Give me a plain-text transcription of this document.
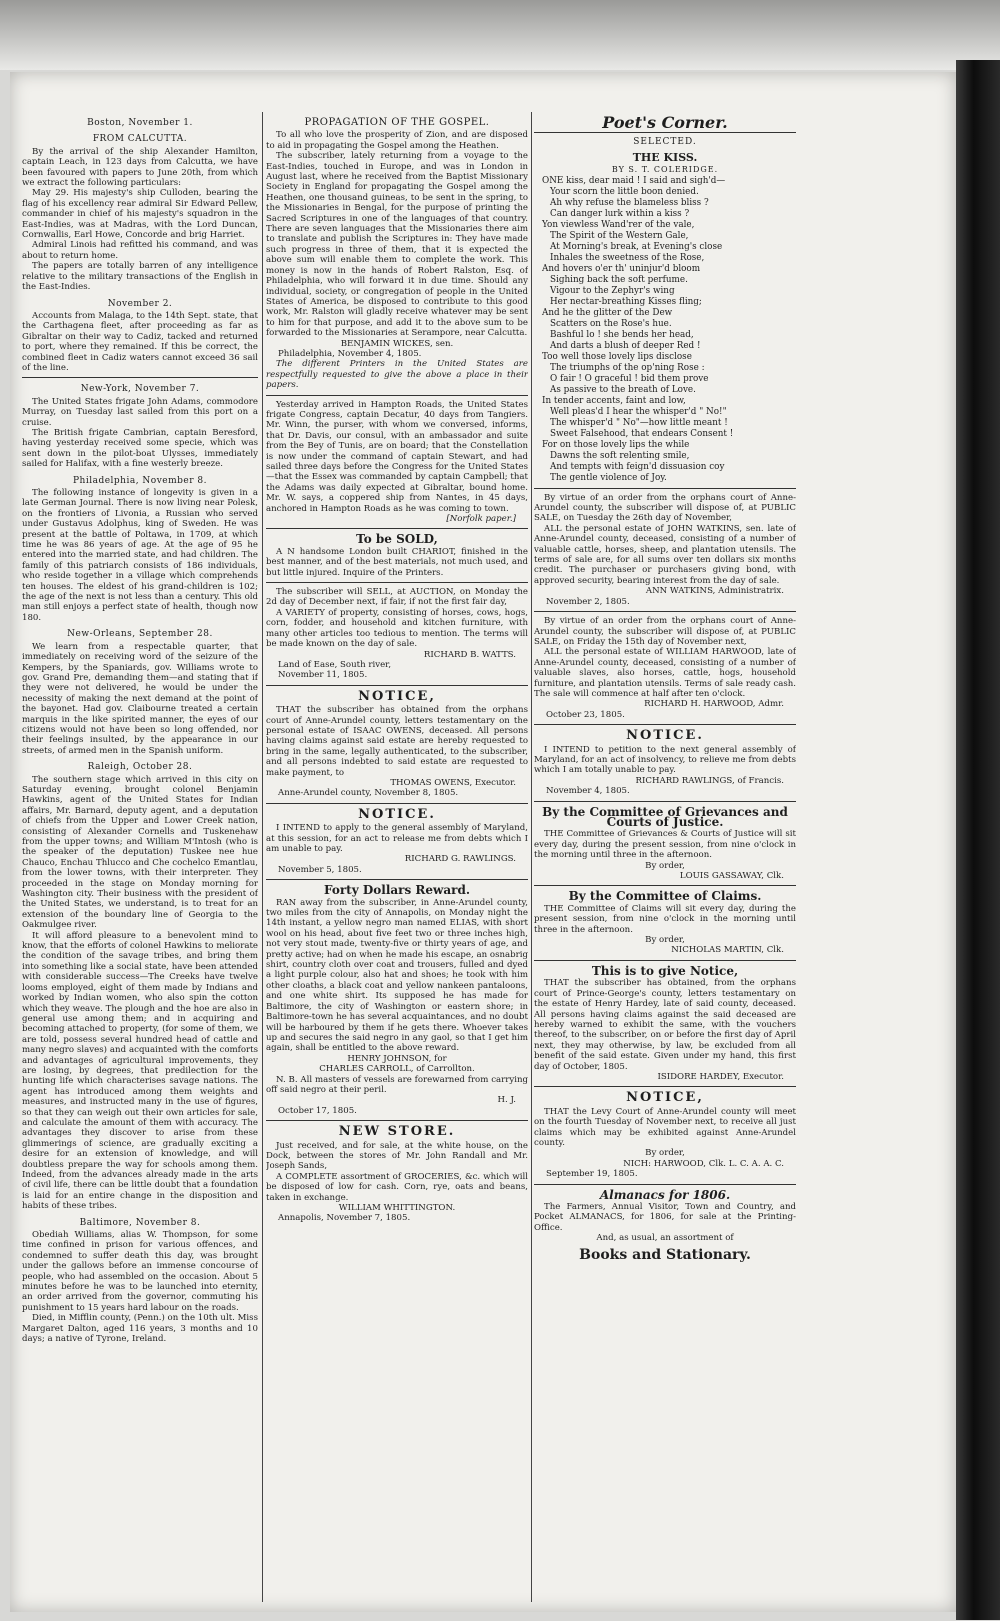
Boston, November 1.
FROM CALCUTTA.

By the arrival of the ship Alexander Hamilton, captain Leach, in 123 days from Calcutta, we have been favoured with papers to June 20th, from which we extract the following particulars:

May 29. His majesty's ship Culloden, bearing the flag of his excellency rear admiral Sir Edward Pellew, commander in chief of his majesty's squadron in the East-Indies, was at Madras, with the Lord Duncan, Cornwallis, Earl Howe, Concorde and brig Harriet.

Admiral Linois had refitted his command, and was about to return home.

The papers are totally barren of any intelligence relative to the military transactions of the English in the East-Indies.

November 2.

Accounts from Malaga, to the 14th Sept. state, that the Carthagena fleet, after proceeding as far as Gibraltar on their way to Cadiz, tacked and returned to port, where they remained. If this be correct, the combined fleet in Cadiz waters cannot exceed 36 sail of the line.

New-York, November 7.

The United States frigate John Adams, commodore Murray, on Tuesday last sailed from this port on a cruise.

The British frigate Cambrian, captain Beresford, having yesterday received some specie, which was sent down in the pilot-boat Ulysses, immediately sailed for Halifax, with a fine westerly breeze.

Philadelphia, November 8.

The following instance of longevity is given in a late German Journal. There is now living near Polesk, on the frontiers of Livonia, a Russian who served under Gustavus Adolphus, king of Sweden. He was present at the battle of Poltawa, in 1709, at which time he was 86 years of age. At the age of 95 he entered into the married state, and had children. The family of this patriarch consists of 186 individuals, who reside together in a village which comprehends ten houses. The eldest of his grand-children is 102; the age of the next is not less than a century. This old man still enjoys a perfect state of health, though now 180.

New-Orleans, September 28.

We learn from a respectable quarter, that immediately on receiving word of the seizure of the Kempers, by the Spaniards, gov. Williams wrote to gov. Grand Pre, demanding them—and stating that if they were not delivered, he would be under the necessity of making the next demand at the point of the bayonet. Had gov. Claibourne treated a certain marquis in the like spirited manner, the eyes of our citizens would not have been so long offended, nor their feelings insulted, by the appearance in our streets, of armed men in the Spanish uniform.

Raleigh, October 28.

The southern stage which arrived in this city on Saturday evening, brought colonel Benjamin Hawkins, agent of the United States for Indian affairs, Mr. Barnard, deputy agent, and a deputation of chiefs from the Upper and Lower Creek nation, consisting of Alexander Cornells and Tuskenehaw from the upper towns; and William M'Intosh (who is the speaker of the deputation) Tuskee nee hue Chauco, Enchau Thlucco and Che cochelco Emantlau, from the lower towns, with their interpreter. They proceeded in the stage on Monday morning for Washington city. Their business with the president of the United States, we understand, is to treat for an extension of the boundary line of Georgia to the Oakmulgee river.

It will afford pleasure to a benevolent mind to know, that the efforts of colonel Hawkins to meliorate the condition of the savage tribes, and bring them into something like a social state, have been attended with considerable success—The Creeks have twelve looms employed, eight of them made by Indians and worked by Indian women, who also spin the cotton which they weave. The plough and the hoe are also in general use among them; and in acquiring and becoming attached to property, (for some of them, we are told, possess several hundred head of cattle and many negro slaves) and acquainted with the comforts and advantages of agricultural improvements, they are losing, by degrees, that predilection for the hunting life which characterises savage nations. The agent has introduced among them weights and measures, and instructed many in the use of figures, so that they can weigh out their own articles for sale, and calculate the amount of them with accuracy. The advantages they discover to arise from these glimmerings of science, are gradually exciting a desire for an extension of knowledge, and will doubtless prepare the way for schools among them. Indeed, from the advances already made in the arts of civil life, there can be little doubt that a foundation is laid for an entire change in the disposition and habits of these tribes.

Baltimore, November 8.

Obediah Williams, alias W. Thompson, for some time confined in prison for various offences, and condemned to suffer death this day, was brought under the gallows before an immense concourse of people, who had assembled on the occasion. About 5 minutes before he was to be launched into eternity, an order arrived from the governor, commuting his punishment to 15 years hard labour on the roads.

Died, in Mifflin county, (Penn.) on the 10th ult. Miss Margaret Dalton, aged 116 years, 3 months and 10 days; a native of Tyrone, Ireland.

PROPAGATION OF THE GOSPEL.

To all who love the prosperity of Zion, and are disposed to aid in propagating the Gospel among the Heathen.

The subscriber, lately returning from a voyage to the East-Indies, touched in Europe, and was in London in August last, where he received from the Baptist Missionary Society in England for propagating the Gospel among the Heathen, one thousand guineas, to be sent in the spring, to the Missionaries in Bengal, for the purpose of printing the Sacred Scriptures in one of the languages of that country. There are seven languages that the Missionaries there aim to translate and publish the Scriptures in: They have made such progress in three of them, that it is expected the above sum will enable them to complete the work. This money is now in the hands of Robert Ralston, Esq. of Philadelphia, who will forward it in due time. Should any individual, society, or congregation of people in the United States of America, be disposed to contribute to this good work, Mr. Ralston will gladly receive whatever may be sent to him for that purpose, and add it to the above sum to be forwarded to the Missionaries at Serampore, near Calcutta.

BENJAMIN WICKES, sen.
Philadelphia, November 4, 1805.

The different Printers in the United States are respectfully requested to give the above a place in their papers.

Yesterday arrived in Hampton Roads, the United States frigate Congress, captain Decatur, 40 days from Tangiers. Mr. Winn, the purser, with whom we conversed, informs, that Dr. Davis, our consul, with an ambassador and suite from the Bey of Tunis, are on board; that the Constellation is now under the command of captain Stewart, and had sailed three days before the Congress for the United States—that the Essex was commanded by captain Campbell; that the Adams was daily expected at Gibraltar, bound home. Mr. W. says, a coppered ship from Nantes, in 45 days, anchored in Hampton Roads as he was coming to town.

[Norfolk paper.]
To be SOLD,

A N handsome London built CHARIOT, finished in the best manner, and of the best materials, not much used, and but little injured. Inquire of the Printers.

The subscriber will SELL, at AUCTION, on Monday the 2d day of December next, if fair, if not the first fair day,

A VARIETY of property, consisting of horses, cows, hogs, corn, fodder, and household and kitchen furniture, with many other articles too tedious to mention. The terms will be made known on the day of sale.

RICHARD B. WATTS.
Land of Ease, South river,
November 11, 1805.
NOTICE,

THAT the subscriber has obtained from the orphans court of Anne-Arundel county, letters testamentary on the personal estate of ISAAC OWENS, deceased. All persons having claims against said estate are hereby requested to bring in the same, legally authenticated, to the subscriber, and all persons indebted to said estate are requested to make payment, to

THOMAS OWENS, Executor.
Anne-Arundel county, November 8, 1805.
NOTICE.

I INTEND to apply to the general assembly of Maryland, at this session, for an act to release me from debts which I am unable to pay.

RICHARD G. RAWLINGS.
November 5, 1805.
Forty Dollars Reward.

RAN away from the subscriber, in Anne-Arundel county, two miles from the city of Annapolis, on Monday night the 14th instant, a yellow negro man named ELIAS, with short wool on his head, about five feet two or three inches high, not very stout made, twenty-five or thirty years of age, and pretty active; had on when he made his escape, an osnabrig shirt, country cloth over coat and trousers, fulled and dyed a light purple colour, also hat and shoes; he took with him other cloaths, a black coat and yellow nankeen pantaloons, and one white shirt. Its supposed he has made for Baltimore, the city of Washington or eastern shore; in Baltimore-town he has several acquaintances, and no doubt will be harboured by them if he gets there. Whoever takes up and secures the said negro in any gaol, so that I get him again, shall be entitled to the above reward.

HENRY JOHNSON, for
CHARLES CARROLL, of Carrollton.

N. B. All masters of vessels are forewarned from carrying off said negro at their peril.

H. J.
October 17, 1805.
NEW STORE.

Just received, and for sale, at the white house, on the Dock, between the stores of Mr. John Randall and Mr. Joseph Sands,

A COMPLETE assortment of GROCERIES, &c. which will be disposed of low for cash. Corn, rye, oats and beans, taken in exchange.

WILLIAM WHITTINGTON.
Annapolis, November 7, 1805.
Poet's Corner.
SELECTED.
THE KISS.
BY S. T. COLERIDGE.
ONE kiss, dear maid ! I said and sigh'd—
Your scorn the little boon denied.
Ah why refuse the blameless bliss ?
Can danger lurk within a kiss ?
Yon viewless Wand'rer of the vale,
The Spirit of the Western Gale,
At Morning's break, at Evening's close
Inhales the sweetness of the Rose,
And hovers o'er th' uninjur'd bloom
Sighing back the soft perfume.
Vigour to the Zephyr's wing
Her nectar-breathing Kisses fling;
And he the glitter of the Dew
Scatters on the Rose's hue.
Bashful lo ! she bends her head,
And darts a blush of deeper Red !
Too well those lovely lips disclose
The triumphs of the op'ning Rose :
O fair ! O graceful ! bid them prove
As passive to the breath of Love.
In tender accents, faint and low,
Well pleas'd I hear the whisper'd " No!"
The whisper'd " No"—how little meant !
Sweet Falsehood, that endears Consent !
For on those lovely lips the while
Dawns the soft relenting smile,
And tempts with feign'd dissuasion coy
The gentle violence of Joy.

By virtue of an order from the orphans court of Anne-Arundel county, the subscriber will dispose of, at PUBLIC SALE, on Tuesday the 26th day of November,

ALL the personal estate of JOHN WATKINS, sen. late of Anne-Arundel county, deceased, consisting of a number of valuable cattle, horses, sheep, and plantation utensils. The terms of sale are, for all sums over ten dollars six months credit. The purchaser or purchasers giving bond, with approved security, bearing interest from the day of sale.

ANN WATKINS, Administratrix.
November 2, 1805.

By virtue of an order from the orphans court of Anne-Arundel county, the subscriber will dispose of, at PUBLIC SALE, on Friday the 15th day of November next,

ALL the personal estate of WILLIAM HARWOOD, late of Anne-Arundel county, deceased, consisting of a number of valuable slaves, also horses, cattle, hogs, household furniture, and plantation utensils. Terms of sale ready cash. The sale will commence at half after ten o'clock.

RICHARD H. HARWOOD, Admr.
October 23, 1805.
NOTICE.

I INTEND to petition to the next general assembly of Maryland, for an act of insolvency, to relieve me from debts which I am totally unable to pay.

RICHARD RAWLINGS, of Francis.
November 4, 1805.
By the Committee of Grievances and Courts of Justice.

THE Committee of Grievances & Courts of Justice will sit every day, during the present session, from nine o'clock in the morning until three in the afternoon.

By order,
LOUIS GASSAWAY, Clk.
By the Committee of Claims.

THE Committee of Claims will sit every day, during the present session, from nine o'clock in the morning until three in the afternoon.

By order,
NICHOLAS MARTIN, Clk.
This is to give Notice,

THAT the subscriber has obtained, from the orphans court of Prince-George's county, letters testamentary on the estate of Henry Hardey, late of said county, deceased. All persons having claims against the said deceased are hereby warned to exhibit the same, with the vouchers thereof, to the subscriber, on or before the first day of April next, they may otherwise, by law, be excluded from all benefit of the said estate. Given under my hand, this first day of October, 1805.

ISIDORE HARDEY, Executor.
NOTICE,

THAT the Levy Court of Anne-Arundel county will meet on the fourth Tuesday of November next, to receive all just claims which may be exhibited against Anne-Arundel county.

By order,
NICH: HARWOOD, Clk. L. C. A. A. C.
September 19, 1805.
Almanacs for 1806.

The Farmers, Annual Visitor, Town and Country, and Pocket ALMANACS, for 1806, for sale at the Printing-Office.

And, as usual, an assortment of
Books and Stationary.
